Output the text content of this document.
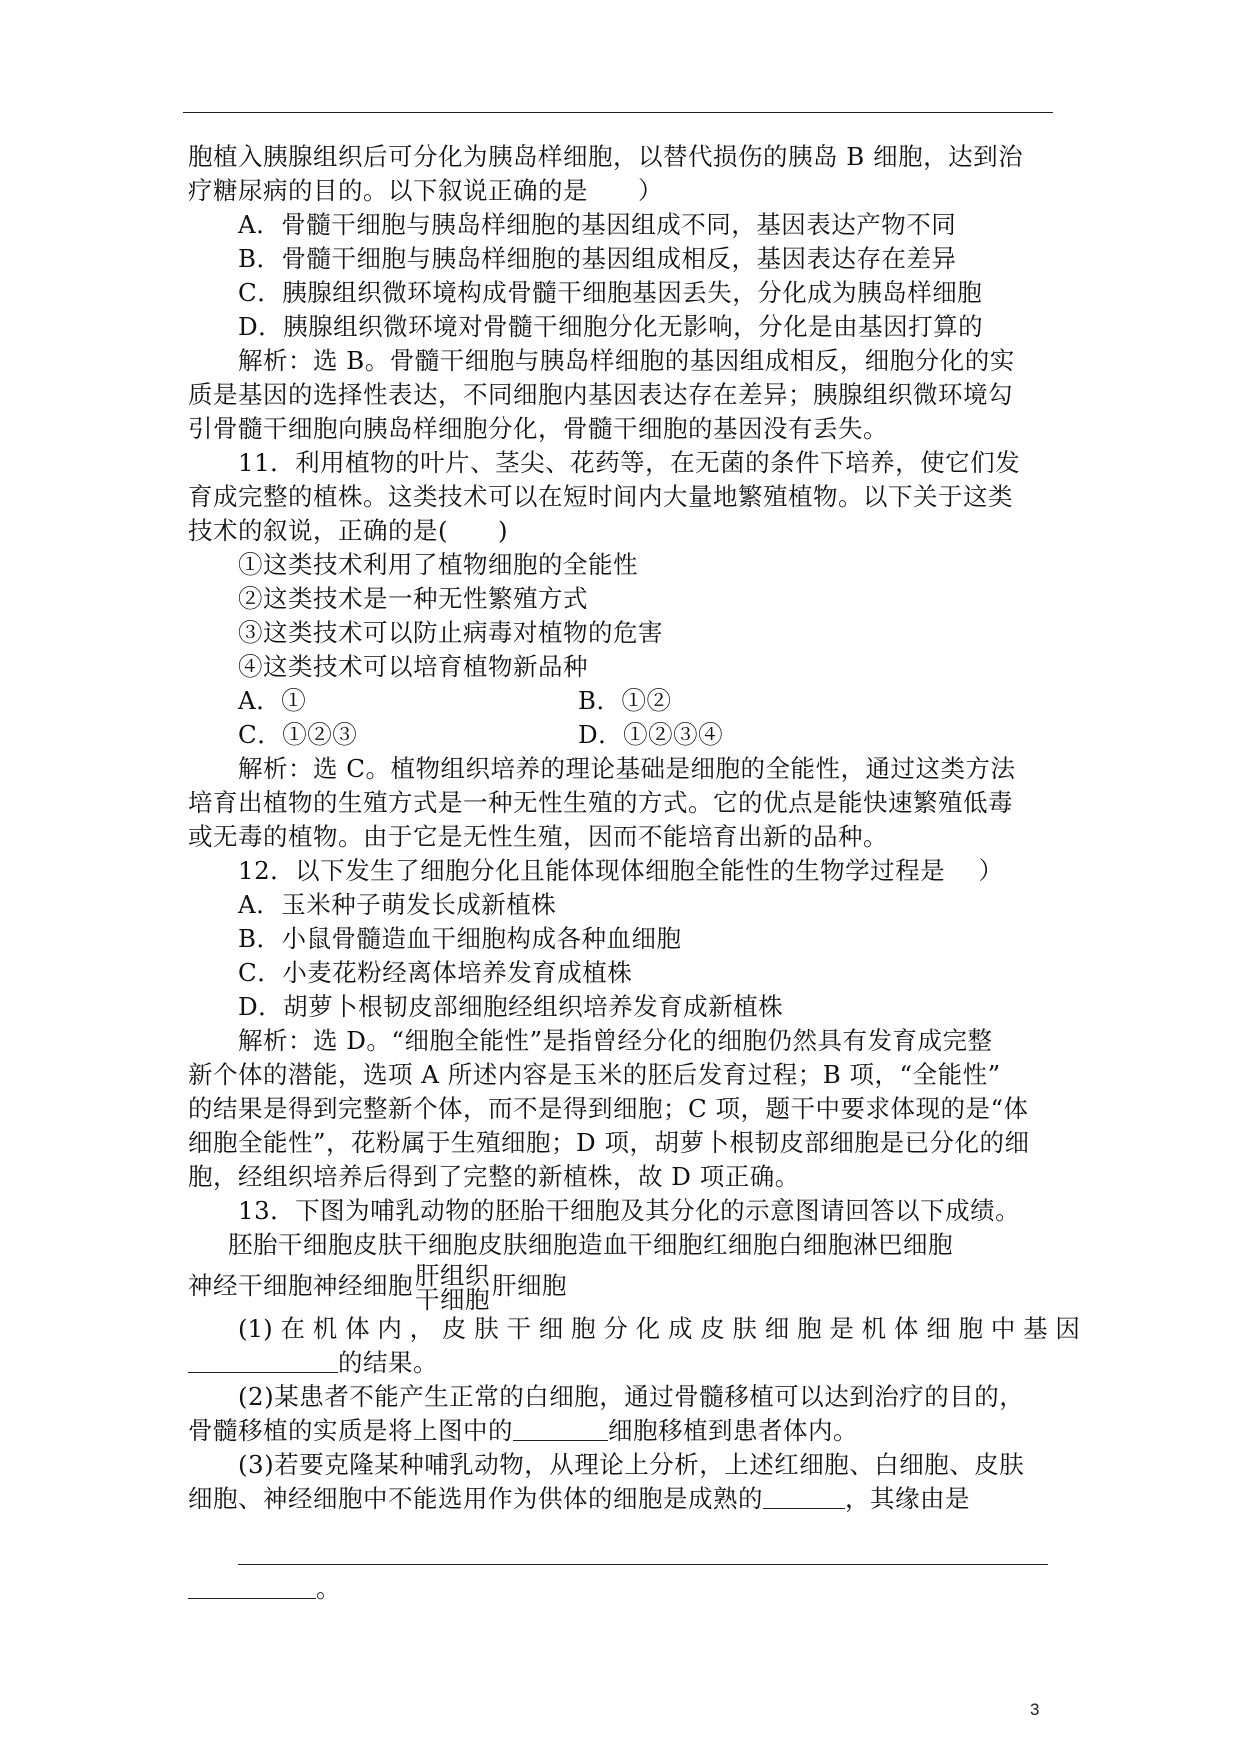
胞植入胰腺组织后可分化为胰岛样细胞，以替代损伤的胰岛 B 细胞，达到治

疗糖尿病的目的。以下叙说正确的是　　）

A．骨髓干细胞与胰岛样细胞的基因组成不同，基因表达产物不同

B．骨髓干细胞与胰岛样细胞的基因组成相反，基因表达存在差异

C．胰腺组织微环境构成骨髓干细胞基因丢失，分化成为胰岛样细胞

D．胰腺组织微环境对骨髓干细胞分化无影响，分化是由基因打算的

解析：选 B。骨髓干细胞与胰岛样细胞的基因组成相反，细胞分化的实

质是基因的选择性表达，不同细胞内基因表达存在差异；胰腺组织微环境勾

引骨髓干细胞向胰岛样细胞分化，骨髓干细胞的基因没有丢失。

11．利用植物的叶片、茎尖、花药等，在无菌的条件下培养，使它们发

育成完整的植株。这类技术可以在短时间内大量地繁殖植物。以下关于这类

技术的叙说，正确的是(　　)

①这类技术利用了植物细胞的全能性

②这类技术是一种无性繁殖方式

③这类技术可以防止病毒对植物的危害

④这类技术可以培育植物新品种

A．①	B．①②
C．①②③	D．①②③④

解析：选 C。植物组织培养的理论基础是细胞的全能性，通过这类方法

培育出植物的生殖方式是一种无性生殖的方式。它的优点是能快速繁殖低毒

或无毒的植物。由于它是无性生殖，因而不能培育出新的品种。

12．以下发生了细胞分化且能体现体细胞全能性的生物学过程是　 ）

A．玉米种子萌发长成新植株

B．小鼠骨髓造血干细胞构成各种血细胞

C．小麦花粉经离体培养发育成植株

D．胡萝卜根韧皮部细胞经组织培养发育成新植株

解析：选 D。“细胞全能性”是指曾经分化的细胞仍然具有发育成完整

新个体的潜能，选项 A 所述内容是玉米的胚后发育过程；B 项，“全能性”

的结果是得到完整新个体，而不是得到细胞；C 项，题干中要求体现的是“体

细胞全能性”，花粉属于生殖细胞；D 项，胡萝卜根韧皮部细胞是已分化的细

胞，经组织培养后得到了完整的新植株，故 D 项正确。

13．下图为哺乳动物的胚胎干细胞及其分化的示意图请回答以下成绩。

胚胎干细胞皮肤干细胞皮肤细胞造血干细胞红细胞白细胞淋巴细胞

神经干细胞神经细胞 肝组织
干细胞 肝细胞

(1) 在 机 体 内 ， 皮 肤 干 细 胞 分 化 成 皮 肤 细 胞 是 机 体 细 胞 中 基 因

的结果。

(2)某患者不能产生正常的白细胞，通过骨髓移植可以达到治疗的目的，

骨髓移植的实质是将上图中的	细胞移植到患者体内。

(3)若要克隆某种哺乳动物，从理论上分析，上述红细胞、白细胞、皮肤

细胞、神经细胞中不能选用作为供体的细胞是成熟的	，其缘由是

。

3
